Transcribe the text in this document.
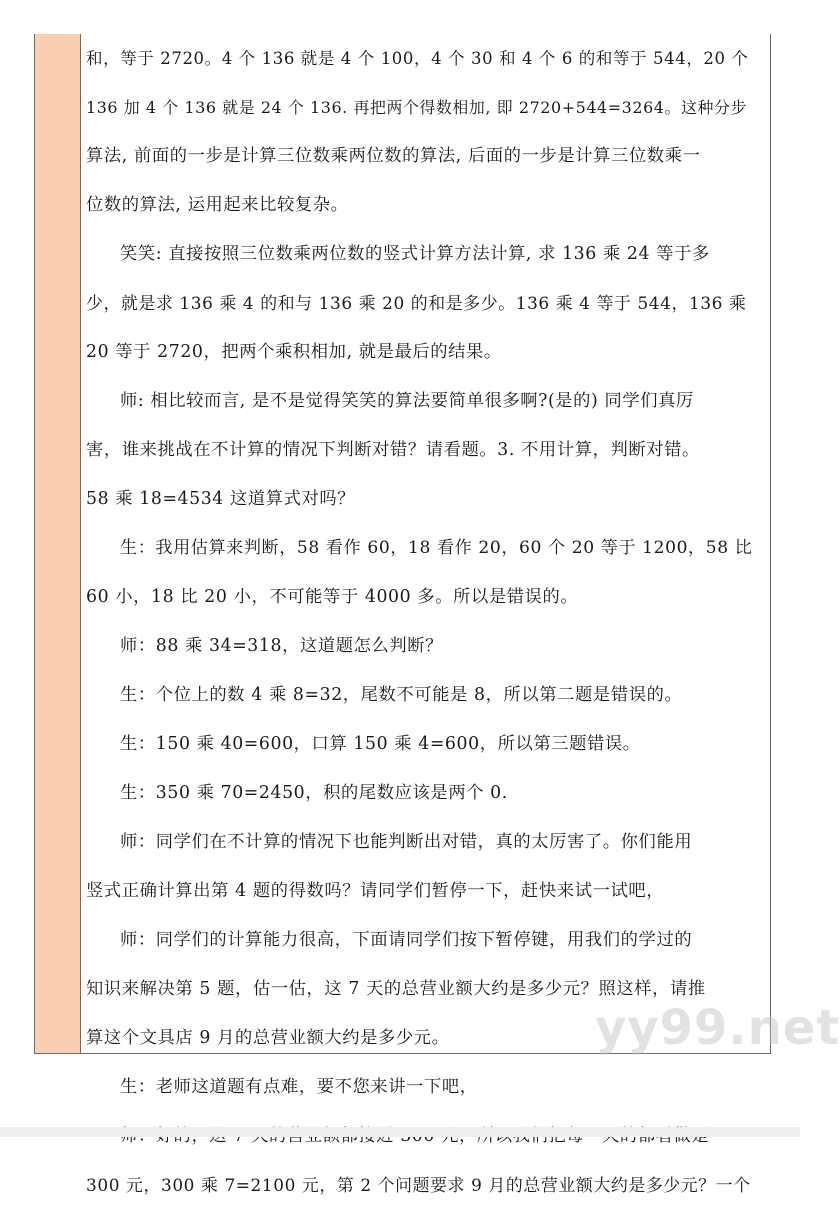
和，等于 2720。4 个 136 就是 4 个 100，4 个 30 和 4 个 6 的和等于 544，20 个
136 加 4 个 136 就是 24 个 136. 再把两个得数相加, 即 2720+544=3264。这种分步
算法, 前面的一步是计算三位数乘两位数的算法, 后面的一步是计算三位数乘一
位数的算法, 运用起来比较复杂。
笑笑: 直接按照三位数乘两位数的竖式计算方法计算, 求 136 乘 24 等于多
少，就是求 136 乘 4 的和与 136 乘 20 的和是多少。136 乘 4 等于 544，136 乘
20 等于 2720，把两个乘积相加, 就是最后的结果。
师: 相比较而言, 是不是觉得笑笑的算法要简单很多啊?(是的) 同学们真厉
害，谁来挑战在不计算的情况下判断对错？请看题。3. 不用计算，判断对错。
58 乘 18=4534 这道算式对吗？
生：我用估算来判断，58 看作 60，18 看作 20，60 个 20 等于 1200，58 比
60 小，18 比 20 小，不可能等于 4000 多。所以是错误的。
师：88 乘 34=318，这道题怎么判断？
生：个位上的数 4 乘 8=32，尾数不可能是 8，所以第二题是错误的。
生：150 乘 40=600，口算 150 乘 4=600，所以第三题错误。
生：350 乘 70=2450，积的尾数应该是两个 0.
师：同学们在不计算的情况下也能判断出对错，真的太厉害了。你们能用
竖式正确计算出第 4 题的得数吗？请同学们暂停一下，赶快来试一试吧，
师：同学们的计算能力很高，下面请同学们按下暂停键，用我们的学过的
知识来解决第 5 题，估一估，这 7 天的总营业额大约是多少元？照这样，请推
算这个文具店 9 月的总营业额大约是多少元。
生：老师这道题有点难，要不您来讲一下吧，
300 元，300 乘 7=2100 元，第 2 个问题要求 9 月的总营业额大约是多少元？一个
yy99.net
